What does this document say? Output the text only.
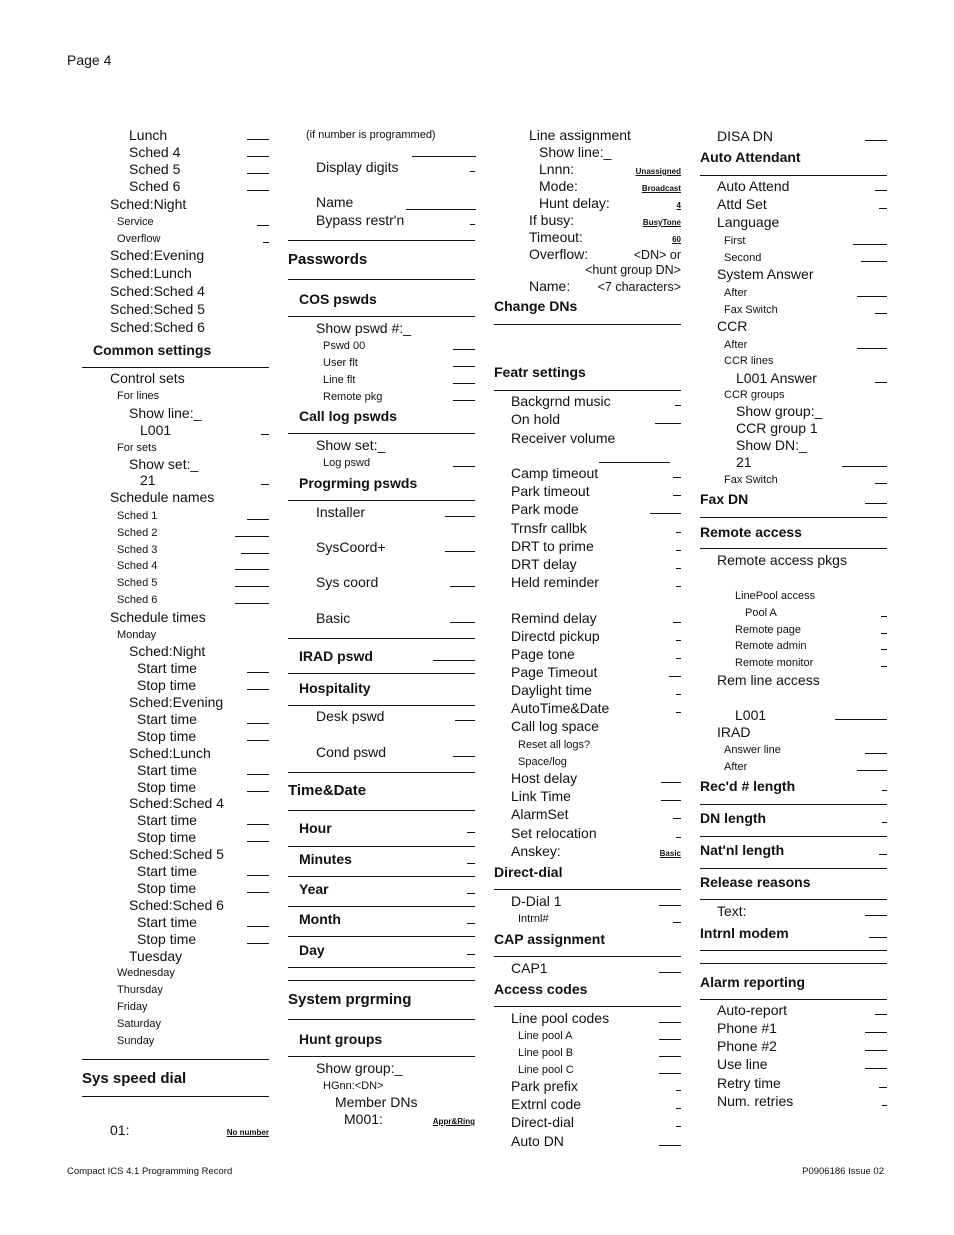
Page 4
Lunch
Sched 4
Sched 5
Sched 6
Sched:Night
Service
Overflow
Sched:Evening
Sched:Lunch
Sched:Sched 4
Sched:Sched 5
Sched:Sched 6
Common settings
Control sets
For lines
Show line:_
L001
For sets
Show set:_
21
Schedule names
Sched 1
Sched 2
Sched 3
Sched 4
Sched 5
Sched 6
Schedule times
Monday
Sched:Night
Start time
Stop time
Sched:Evening
Start time
Stop time
Sched:Lunch
Start time
Stop time
Sched:Sched 4
Start time
Stop time
Sched:Sched 5
Start time
Stop time
Sched:Sched 6
Start time
Stop time
Tuesday
Wednesday
Thursday
Friday
Saturday
Sunday
Sys speed dial
01:	No number
(if number is programmed)
Display digits
Name
Bypass restr'n
Passwords
COS pswds
Show pswd #:_
Pswd 00
User flt
Line flt
Remote pkg
Call log pswds
Show set:_
Log pswd
Progrming pswds
Installer
SysCoord+
Sys coord
Basic
IRAD pswd
Hospitality
Desk pswd
Cond pswd
Time&Date
Hour
Minutes
Year
Month
Day
System prgrming
Hunt groups
Show group:_
HGnn:<DN>
Member DNs
M001:	Appr&Ring
Line assignment
Show line:_
Lnnn:	Unassigned
Mode:	Broadcast
Hunt delay:	4
If busy:	BusyTone
Timeout:	60
Overflow:	<DN> or
<hunt group DN>
Name: <7 characters>
Change DNs
Featr settings
Backgrnd music
On hold
Receiver volume
Camp timeout
Park timeout
Park mode
Trnsfr callbk
DRT to prime
DRT delay
Held reminder
Remind delay
Directd pickup
Page tone
Page Timeout
Daylight time
AutoTime&Date
Call log space
Reset all logs?
Space/log
Host delay
Link Time
AlarmSet
Set relocation
Anskey:	Basic
Direct-dial
D-Dial 1
Intrnl#
CAP assignment
CAP1
Access codes
Line pool codes
Line pool A
Line pool B
Line pool C
Park prefix
Extrnl code
Direct-dial
Auto DN
DISA DN
Auto Attendant
Auto Attend
Attd Set
Language
First
Second
System Answer
After
Fax Switch
CCR
After
CCR lines
L001 Answer
CCR groups
Show group:_
CCR group 1
Show DN:_
21
Fax Switch
Fax DN
Remote access
Remote access pkgs
LinePool access
Pool A
Remote page
Remote admin
Remote monitor
Rem line access
L001
IRAD
Answer line
After
Rec'd # length
DN length
Nat'nl length
Release reasons
Text:
Intrnl modem
Alarm reporting
Auto-report
Phone #1
Phone #2
Use line
Retry time
Num. retries
Compact ICS 4.1 Programming Record	P0906186 Issue 02
